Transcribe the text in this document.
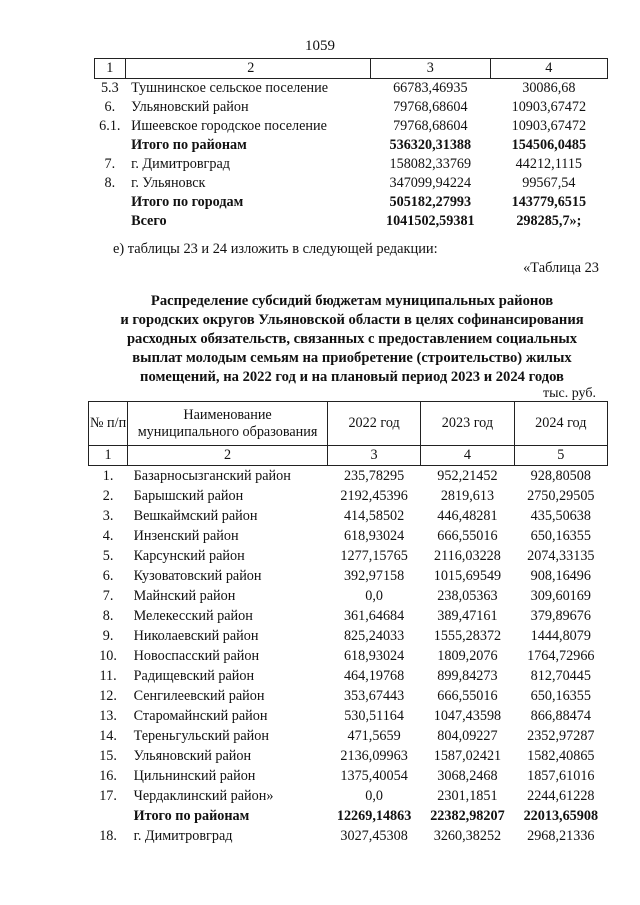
1059
1	2	3	4
5.3	Тушнинское сельское поселение	66783,46935	30086,68
6.	Ульяновский район	79768,68604	10903,67472
6.1.	Ишеевское городское поселение	79768,68604	10903,67472
	Итого по районам	536320,31388	154506,0485
7.	г. Димитровград	158082,33769	44212,1115
8.	г. Ульяновск	347099,94224	99567,54
	Итого по городам	505182,27993	143779,6515
	Всего	1041502,59381	298285,7»;
е) таблицы 23 и 24 изложить в следующей редакции:
«Таблица 23
Распределение субсидий бюджетам муниципальных районов
и городских округов Ульяновской области в целях софинансирования
расходных обязательств, связанных с предоставлением социальных
выплат молодым семьям на приобретение (строительство) жилых
помещений, на 2022 год и на плановый период 2023 и 2024 годов
тыс. руб.
№ п/п	Наименование муниципального образования	2022 год	2023 год	2024 год
1	2	3	4	5
1.	Базарносызганский район	235,78295	952,21452	928,80508
2.	Барышский район	2192,45396	2819,613	2750,29505
3.	Вешкаймский район	414,58502	446,48281	435,50638
4.	Инзенский район	618,93024	666,55016	650,16355
5.	Карсунский район	1277,15765	2116,03228	2074,33135
6.	Кузоватовский район	392,97158	1015,69549	908,16496
7.	Майнский район	0,0	238,05363	309,60169
8.	Мелекесский район	361,64684	389,47161	379,89676
9.	Николаевский район	825,24033	1555,28372	1444,8079
10.	Новоспасский район	618,93024	1809,2076	1764,72966
11.	Радищевский район	464,19768	899,84273	812,70445
12.	Сенгилеевский район	353,67443	666,55016	650,16355
13.	Старомайнский район	530,51164	1047,43598	866,88474
14.	Тереньгульский район	471,5659	804,09227	2352,97287
15.	Ульяновский район	2136,09963	1587,02421	1582,40865
16.	Цильнинский район	1375,40054	3068,2468	1857,61016
17.	Чердаклинский район»	0,0	2301,1851	2244,61228
	Итого по районам	12269,14863	22382,98207	22013,65908
18.	г. Димитровград	3027,45308	3260,38252	2968,21336
